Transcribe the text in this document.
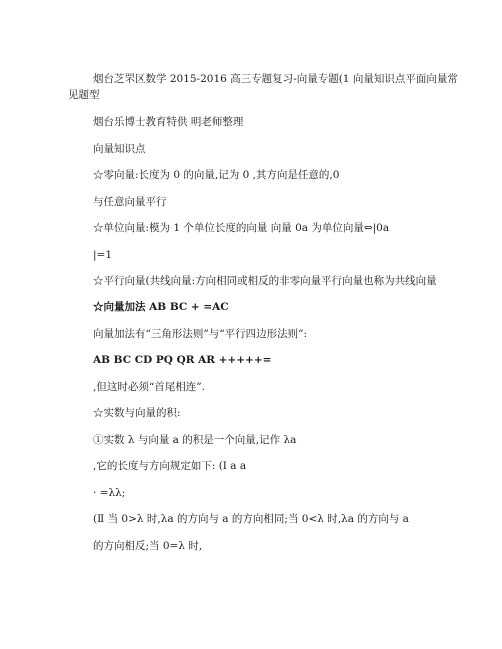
烟台芝罘区数学 2015-2016 高三专题复习-向量专题(1 向量知识点平面向量常
见题型
烟台乐博士教育特供 明老师整理
向量知识点
☆零向量:长度为 0 的向量,记为 0 ,其方向是任意的,0
与任意向量平行
☆单位向量:模为 1 个单位长度的向量 向量 0a 为单位向量⇔|0a
|=1
☆平行向量(共线向量:方向相同或相反的非零向量平行向量也称为共线向量
☆向量加法 AB BC + =AC
向量加法有“三角形法则”与“平行四边形法则”:
AB BC CD PQ QR AR +++++=
,但这时必须“首尾相连”.
☆实数与向量的积:
①实数 λ 与向量 a 的积是一个向量,记作 λa
,它的长度与方向规定如下: (Ⅰ a a
· =λλ;
(Ⅱ 当 0>λ 时,λa 的方向与 a 的方向相同;当 0<λ 时,λa 的方向与 a
的方向相反;当 0=λ 时,
